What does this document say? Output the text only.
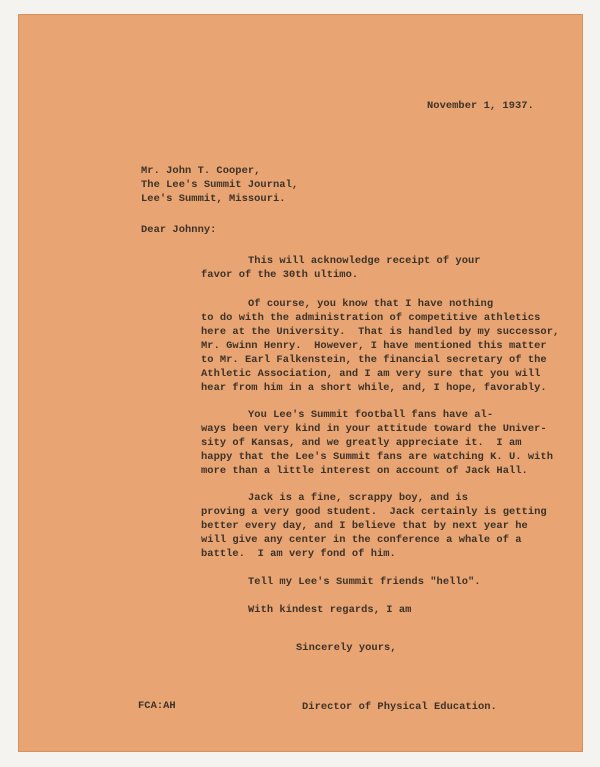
November 1, 1937.
Mr. John T. Cooper,
The Lee's Summit Journal,
Lee's Summit, Missouri.
Dear Johnny:
This will acknowledge receipt of your
favor of the 30th ultimo.
Of course, you know that I have nothing
to do with the administration of competitive athletics
here at the University.  That is handled by my successor,
Mr. Gwinn Henry.  However, I have mentioned this matter
to Mr. Earl Falkenstein, the financial secretary of the
Athletic Association, and I am very sure that you will
hear from him in a short while, and, I hope, favorably.
You Lee's Summit football fans have al-
ways been very kind in your attitude toward the Univer-
sity of Kansas, and we greatly appreciate it.  I am
happy that the Lee's Summit fans are watching K. U. with
more than a little interest on account of Jack Hall.
Jack is a fine, scrappy boy, and is
proving a very good student.  Jack certainly is getting
better every day, and I believe that by next year he
will give any center in the conference a whale of a
battle.  I am very fond of him.
Tell my Lee's Summit friends "hello".
With kindest regards, I am
Sincerely yours,
FCA:AH	Director of Physical Education.
